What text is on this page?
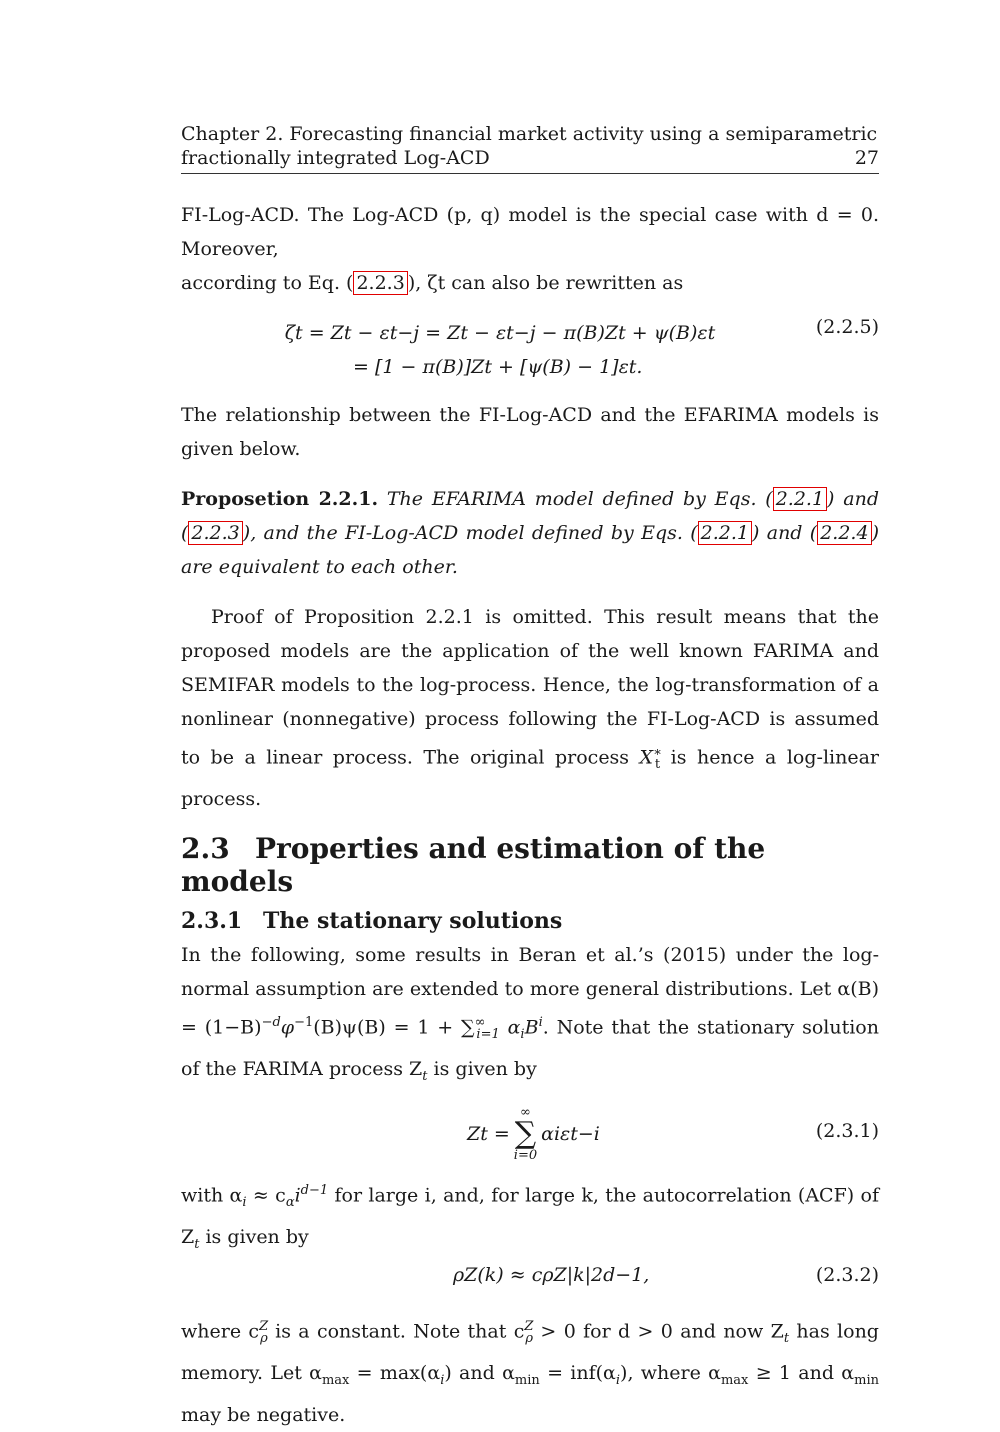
Chapter 2. Forecasting financial market activity using a semiparametric
fractionally integrated Log-ACD	27

FI-Log-ACD. The Log-ACD (p, q) model is the special case with d = 0. Moreover,
according to Eq. ( 2.2.3 ), ζt can also be rewritten as

(2.2.5)
ζt = Zt − εt−j = Zt − εt−j − π(B)Zt + ψ(B)εt
= [1 − π(B)]Zt + [ψ(B) − 1]εt.

The relationship between the FI-Log-ACD and the EFARIMA models is given below.

Proposetion 2.2.1. The EFARIMA model defined by Eqs. ( 2.2.1 ) and ( 2.2.3 ), and the FI-Log-ACD model defined by Eqs. ( 2.2.1 ) and ( 2.2.4 ) are equivalent to each other.

Proof of Proposition 2.2.1 is omitted. This result means that the proposed models are the application of the well known FARIMA and SEMIFAR models to the log-process. Hence, the log-transformation of a nonlinear (nonnegative) process following the FI-Log-ACD is assumed to be a linear process. The original process $X^∗_t$ is hence a log-linear process.

2.3 Properties and estimation of the models
2.3.1 The stationary solutions

In the following, some results in Beran et al.’s (2015) under the log-normal assumption are extended to more general distributions. Let $\alpha(B) = (1-B)^{-d}\varphi^{-1}(B)\psi(B) = 1 + \sum^\infty_{i=1}$ $\alpha_iB^i$. Note that the stationary solution of the FARIMA process $Z_t$ is given by

(2.3.1)
Zt =
∞
∑
i=0
αiεt−i

with $\alpha_i \approx c_\alpha i^{d-1}$ for large i, and, for large k, the autocorrelation (ACF) of $Z_t$ is given by

(2.3.2)
ρZ(k) ≈ cρZ|k|2d−1,

where $c^Z_\rho$ is a constant. Note that $c^Z_\rho > 0$ for d > 0 and now $Z_t$ has long memory. Let $\alpha_{max} = \max(\alpha_i)$ and $\alpha_{min} = inf(\alpha_i)$, where $\alpha_{max} \ge 1$ and $\alpha_{min}$ may be negative.
